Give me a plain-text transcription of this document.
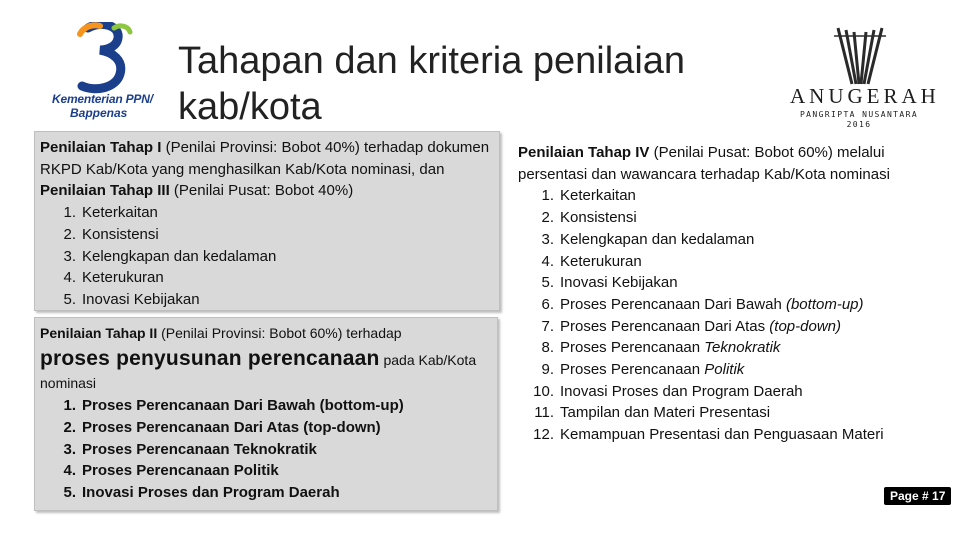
Kementerian PPN/
Bappenas
Tahapan dan kriteria penilaian
kab/kota	ANUGERAH
PANGRIPTA NUSANTARA
2016
Penilaian Tahap I (Penilai Provinsi: Bobot 40%) terhadap dokumen RKPD Kab/Kota yang menghasilkan Kab/Kota nominasi, dan Penilaian Tahap III (Penilai Pusat: Bobot 40%)
1. Keterkaitan
2. Konsistensi
3. Kelengkapan dan kedalaman
4. Keterukuran
5. Inovasi Kebijakan
Penilaian Tahap II (Penilai Provinsi: Bobot 60%) terhadap
proses penyusunan perencanaan pada Kab/Kota
nominasi
1. Proses Perencanaan Dari Bawah (bottom-up)
2. Proses Perencanaan Dari Atas (top-down)
3. Proses Perencanaan Teknokratik
4. Proses Perencanaan Politik
5. Inovasi Proses dan Program Daerah
Penilaian Tahap IV (Penilai Pusat: Bobot 60%) melalui persentasi dan wawancara terhadap Kab/Kota nominasi
1. Keterkaitan
2. Konsistensi
3. Kelengkapan dan kedalaman
4. Keterukuran
5. Inovasi Kebijakan
6. Proses Perencanaan Dari Bawah (bottom-up)
7. Proses Perencanaan Dari Atas (top-down)
8. Proses Perencanaan Teknokratik
9. Proses Perencanaan Politik
10. Inovasi Proses dan Program Daerah
11. Tampilan dan Materi Presentasi
12. Kemampuan Presentasi dan Penguasaan Materi
Page # 17
